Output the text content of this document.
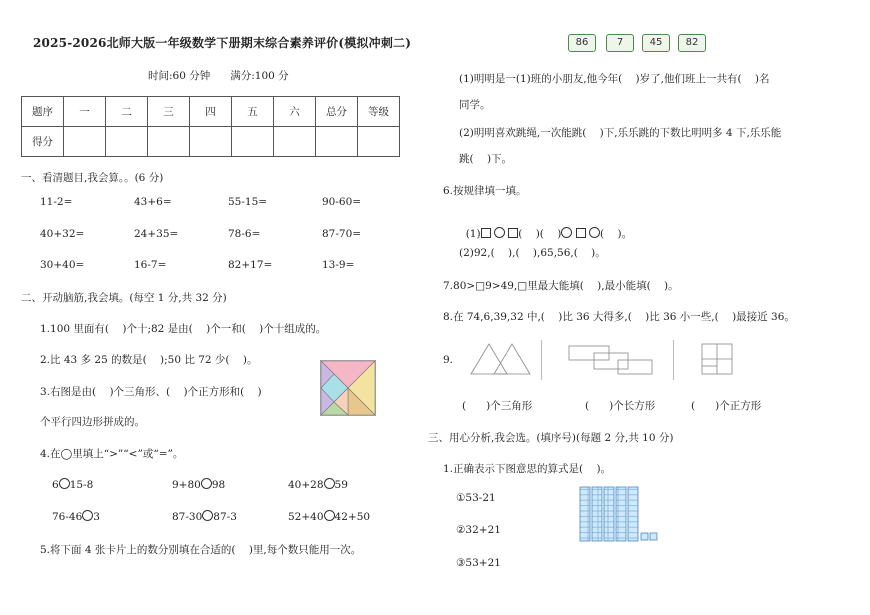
2025-2026北师大版一年级数学下册期末综合素养评价(模拟冲刺二)
时间:60 分钟      满分:100 分
题序	一	二	三	四	五	六	总分	等级
得分								
一、看清题目,我会算。。(6 分)
11-2=	43+6=	55-15=	90-60=
40+32=	24+35=	78-6=	87-70=
30+40=	16-7=	82+17=	13-9=
二、开动脑筋,我会填。(每空 1 分,共 32 分)
1.100 里面有(    )个十;82 是由(    )个一和(    )个十组成的。
2.比 43 多 25 的数是(    );50 比 72 少(    )。
3.右图是由(    )个三角形、(    )个正方形和(    )
个平行四边形拼成的。
4.在◯里填上“>”“<”或“=”。
6 15-8	9+80 98	40+28 59
76-46 3	87-30 87-3	52+40 42+50
5.将下面 4 张卡片上的数分别填在合适的(    )里,每个数只能用一次。
86	7	45	82
(1)明明是一(1)班的小朋友,他今年(    )岁了,他们班上一共有(    )名
同学。
(2)明明喜欢跳绳,一次能跳(    )下,乐乐跳的下数比明明多 4 下,乐乐能
跳(    )下。
6.按规律填一填。

(1)	(    )(    )	(    )。

(2)92,(    ),(    ),65,56,(    )。
7.80>□9>49,□里最大能填(    ),最小能填(    )。
8.在 74,6,39,32 中,(    )比 36 大得多,(    )比 36 小一些,(    )最接近 36。
9.
(      )个三角形	(      )个长方形	(      )个正方形
三、用心分析,我会选。(填序号)(每题 2 分,共 10 分)
1.正确表示下图意思的算式是(    )。
①53-21
②32+21
③53+21
